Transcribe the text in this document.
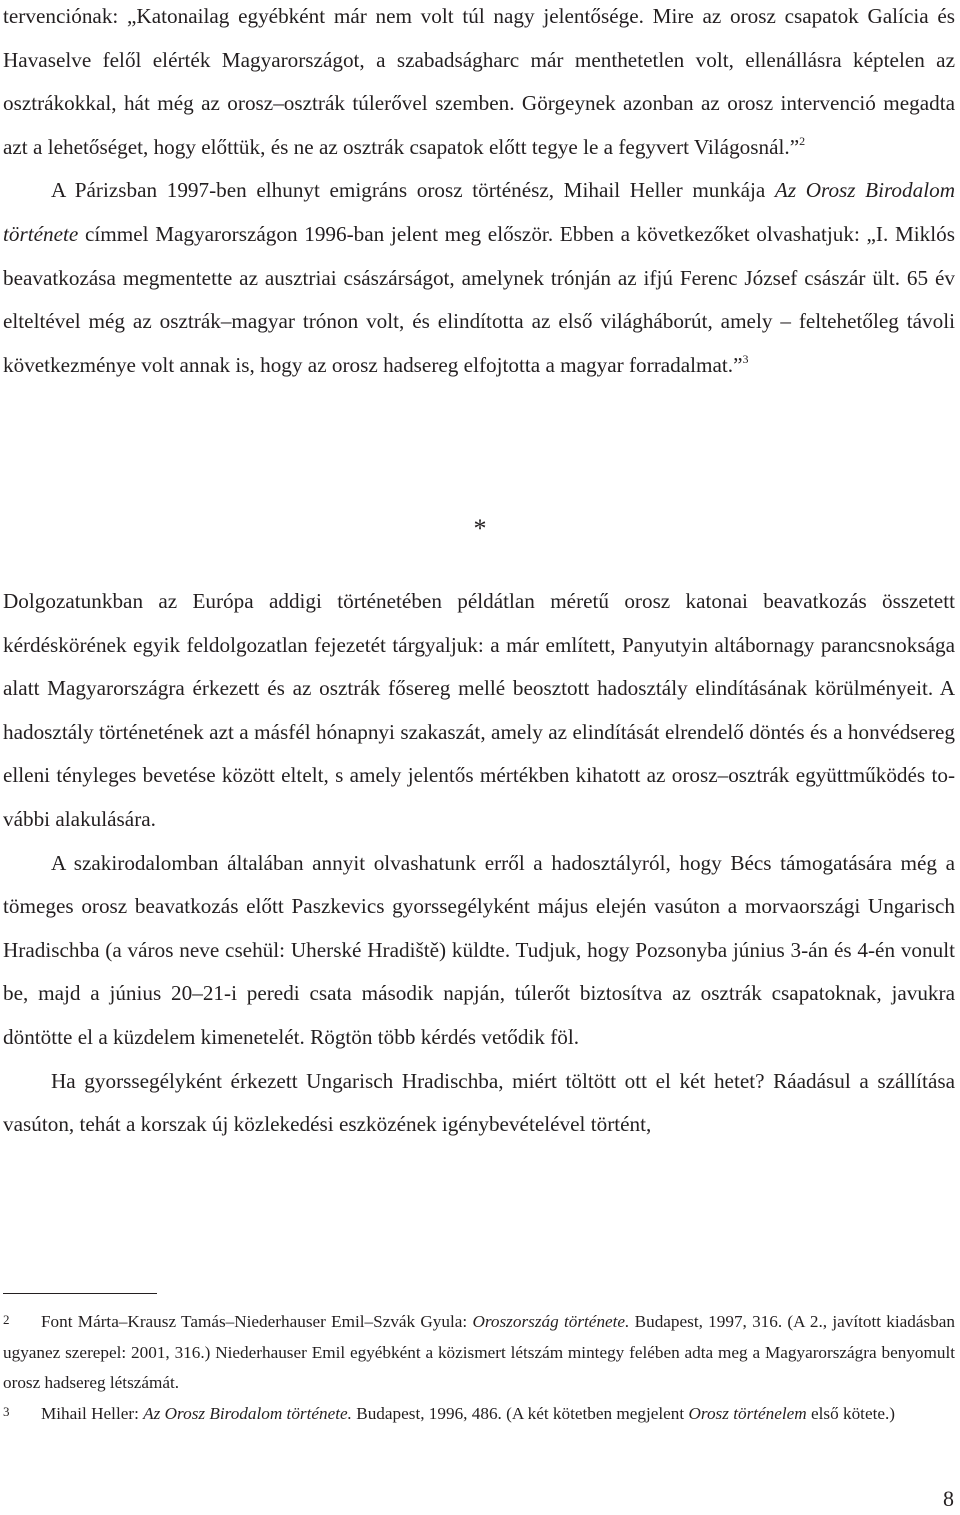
tervenciónak: „Katonailag egyébként már nem volt túl nagy jelentősége. Mire az orosz csapatok Galícia és Havaselve felől elérték Magyarországot, a szabadságharc már menthetetlen volt, ellenállásra képtelen az osztrákokkal, hát még az orosz–osztrák túlerővel szemben. Görgeynek azonban az orosz intervenció megadta azt a lehetőséget, hogy előttük, és ne az osztrák csapatok előtt tegye le a fegyvert Világosnál.”$^2$

A Párizsban 1997-ben elhunyt emigráns orosz történész, Mihail Heller munkája Az Orosz Birodalom története címmel Magyarországon 1996-ban jelent meg először. Ebben a következőket olvashatjuk: „I. Miklós beavatkozása megmentette az ausztriai császárságot, amelynek trónján az ifjú Ferenc József császár ült. 65 év elteltével még az osztrák–magyar trónon volt, és elindította az első világháborút, amely – feltehetőleg távoli következménye volt annak is, hogy az orosz hadsereg elfojtotta a magyar forradalmat.”$^3$

*

Dolgozatunkban az Európa addigi történetében példátlan méretű orosz katonai beavatkozás összetett kérdéskörének egyik feldolgozatlan fejezetét tárgyaljuk: a már említett, Panyutyin altábornagy parancsnoksága alatt Magyarországra érkezett és az osztrák fősereg mellé beosztott hadosztály elindításának körülményeit. A hadosztály történetének azt a másfél hónapnyi szakaszát, amely az elindítását elrendelő döntés és a honvédsereg elleni tényleges bevetése között eltelt, s amely jelentős mértékben kihatott az orosz–osztrák együttműködés további alakulására.

A szakirodalomban általában annyit olvashatunk erről a hadosztályról, hogy Bécs támogatására még a tömeges orosz beavatkozás előtt Paszkevics gyorssegélyként május elején vasúton a morvaországi Ungarisch Hradischba (a város neve csehül: Uherské Hradiště) küldte. Tudjuk, hogy Pozsonyba június 3-án és 4-én vonult be, majd a június 20–21-i peredi csata második napján, túlerőt biztosítva az osztrák csapatoknak, javukra döntötte el a küzdelem kimenetelét. Rögtön több kérdés vetődik föl.

Ha gyorssegélyként érkezett Ungarisch Hradischba, miért töltött ott el két hetet? Ráadásul a szállítása vasúton, tehát a korszak új közlekedési eszközének igénybevételével történt,

2 Font Márta–Krausz Tamás–Niederhauser Emil–Szvák Gyula: Oroszország története. Budapest, 1997, 316. (A 2., javított kiadásban ugyanez szerepel: 2001, 316.) Niederhauser Emil egyébként a közismert létszám mintegy felében adta meg a Magyarországra benyomult orosz hadsereg létszámát.

3 Mihail Heller: Az Orosz Birodalom története. Budapest, 1996, 486. (A két kötetben megjelent Orosz történelem első kötete.)

8
